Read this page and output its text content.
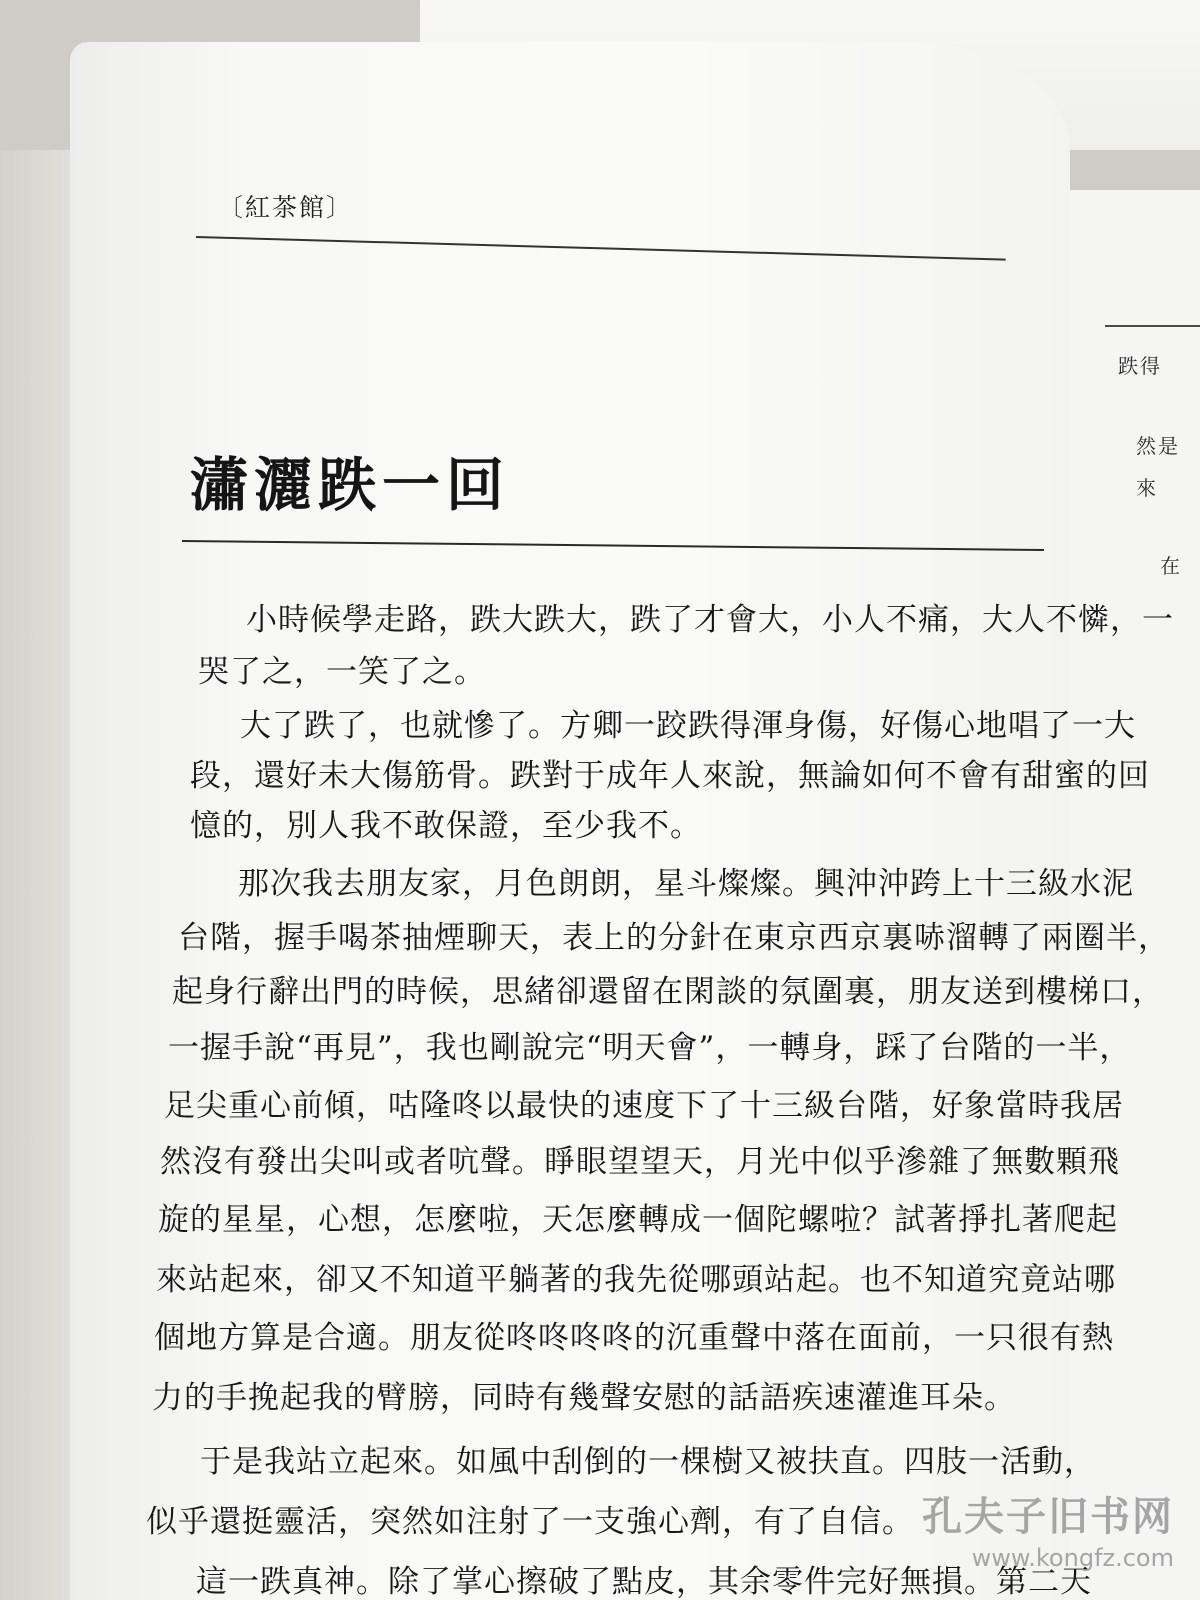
跌得
然是
來
在
〔紅茶館〕
瀟灑跌一回
小時候學走路，跌大跌大，跌了才會大，小人不痛，大人不憐，一
哭了之，一笑了之。
大了跌了，也就慘了。方卿一跤跌得渾身傷，好傷心地唱了一大
段，還好未大傷筋骨。跌對于成年人來說，無論如何不會有甜蜜的回
憶的，別人我不敢保證，至少我不。
那次我去朋友家，月色朗朗，星斗燦燦。興沖沖跨上十三級水泥
台階，握手喝茶抽煙聊天，表上的分針在東京西京裏哧溜轉了兩圈半，
起身行辭出門的時候，思緒卻還留在閑談的氛圍裏，朋友送到樓梯口，
一握手說“再見”，我也剛說完“明天會”，一轉身，踩了台階的一半，
足尖重心前傾，咕隆咚以最快的速度下了十三級台階，好象當時我居
然沒有發出尖叫或者吭聲。睜眼望望天，月光中似乎滲雜了無數顆飛
旋的星星，心想，怎麼啦，天怎麼轉成一個陀螺啦？試著掙扎著爬起
來站起來，卻又不知道平躺著的我先從哪頭站起。也不知道究竟站哪
個地方算是合適。朋友從咚咚咚咚的沉重聲中落在面前，一只很有熱
力的手挽起我的臂膀，同時有幾聲安慰的話語疾速灌進耳朵。
于是我站立起來。如風中刮倒的一棵樹又被扶直。四肢一活動，
似乎還挺靈活，突然如注射了一支強心劑，有了自信。
這一跌真神。除了掌心擦破了點皮，其余零件完好無損。第二天
孔夫子旧书网
www.kongfz.com
